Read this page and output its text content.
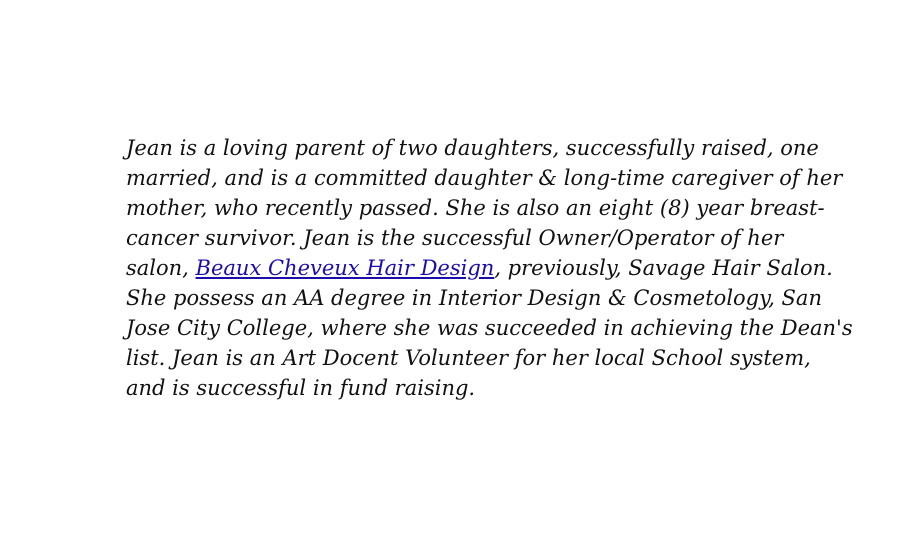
Jean is a loving parent of two daughters, successfully raised, one
married, and is a committed daughter & long-time caregiver of her
mother, who recently passed. She is also an eight (8) year breast-
cancer survivor. Jean is the successful Owner/Operator of her
salon, Beaux Cheveux Hair Design, previously, Savage Hair Salon.
She possess an AA degree in Interior Design & Cosmetology, San
Jose City College, where she was succeeded in achieving the Dean's
list. Jean is an Art Docent Volunteer for her local School system,
and is successful in fund raising.
